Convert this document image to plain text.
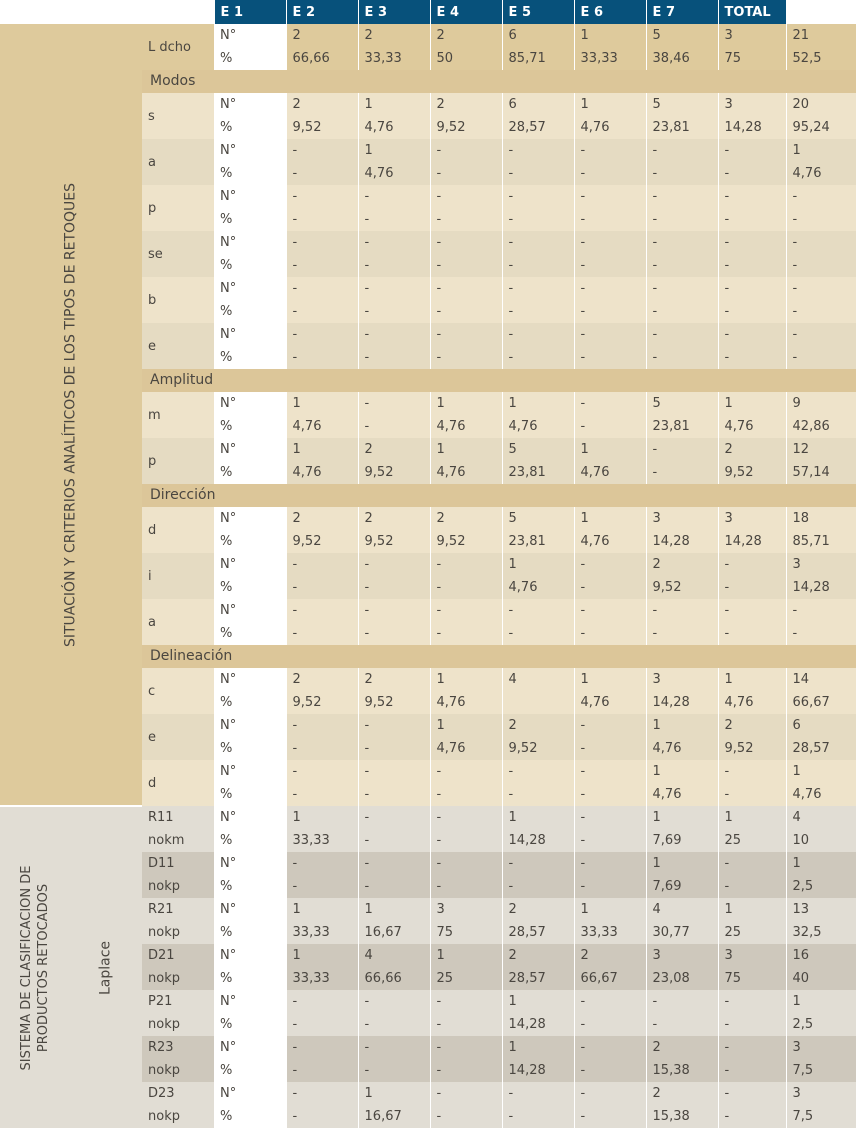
			E 1	E 2	E 3	E 4	E 5	E 6	E 7	TOTAL	

SITUACIÓN Y CRITERIOS ANALÍTICOS DE LOS TIPOS DE RETOQUES		L dcho	N°	2	2	2	6	1	5	3	21
			%	66,66	33,33	50	85,71	33,33	38,46	75	52,5
		Modos									
		s	N°	2	1	2	6	1	5	3	20
			%	9,52	4,76	9,52	28,57	4,76	23,81	14,28	95,24
		a	N°	-	1	-	-	-	-	-	1
			%	-	4,76	-	-	-	-	-	4,76
		p	N°	-	-	-	-	-	-	-	-
			%	-	-	-	-	-	-	-	-
		se	N°	-	-	-	-	-	-	-	-
			%	-	-	-	-	-	-	-	-
		b	N°	-	-	-	-	-	-	-	-
			%	-	-	-	-	-	-	-	-
		e	N°	-	-	-	-	-	-	-	-
			%	-	-	-	-	-	-	-	-
		Amplitud									
		m	N°	1	-	1	1	-	5	1	9
			%	4,76	-	4,76	4,76	-	23,81	4,76	42,86
		p	N°	1	2	1	5	1	-	2	12
			%	4,76	9,52	4,76	23,81	4,76	-	9,52	57,14
		Dirección									
		d	N°	2	2	2	5	1	3	3	18
			%	9,52	9,52	9,52	23,81	4,76	14,28	14,28	85,71
		i	N°	-	-	-	1	-	2	-	3
			%	-	-	-	4,76	-	9,52	-	14,28
		a	N°	-	-	-	-	-	-	-	-
			%	-	-	-	-	-	-	-	-
		Delineación									
		c	N°	2	2	1	4	1	3	1	14
			%	9,52	9,52	4,76		4,76	14,28	4,76	66,67
		e	N°	-	-	1	2	-	1	2	6
			%	-	-	4,76	9,52	-	4,76	9,52	28,57
		d	N°	-	-	-	-	-	1	-	1
			%	-	-	-	-	-	4,76	-	4,76

SISTEMA DE CLASIFICACION DE PRODUCTOS RETOCADOS	Laplace	R11	N°	1	-	-	1	-	1	1	4
		nokm	%	33,33	-	-	14,28	-	7,69	25	10
		D11	N°	-	-	-	-	-	1	-	1
		nokp	%	-	-	-	-	-	7,69	-	2,5
		R21	N°	1	1	3	2	1	4	1	13
		nokp	%	33,33	16,67	75	28,57	33,33	30,77	25	32,5
		D21	N°	1	4	1	2	2	3	3	16
		nokp	%	33,33	66,66	25	28,57	66,67	23,08	75	40
		P21	N°	-	-	-	1	-	-	-	1
		nokp	%	-	-	-	14,28	-	-	-	2,5
		R23	N°	-	-	-	1	-	2	-	3
		nokp	%	-	-	-	14,28	-	15,38	-	7,5
		D23	N°	-	1	-	-	-	2	-	3
		nokp	%	-	16,67	-	-	-	15,38	-	7,5
